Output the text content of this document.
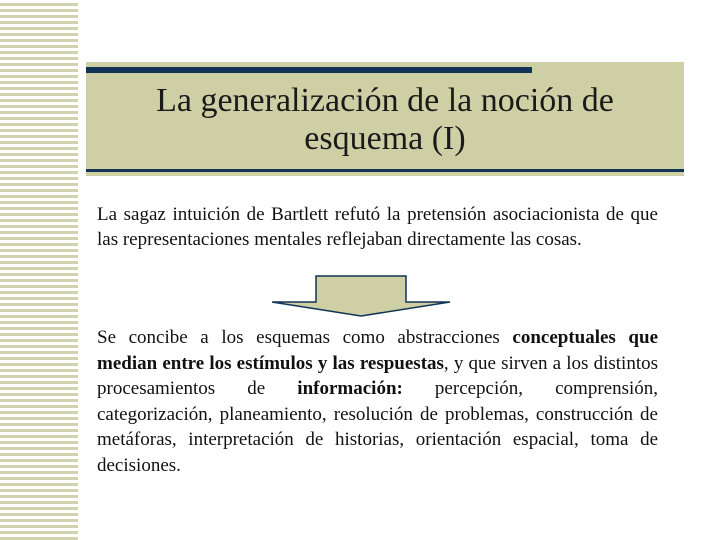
La generalización de la noción de
esquema (I)

La sagaz intuición de Bartlett refutó la pretensión asociacionista de que las representaciones mentales reflejaban directamente las cosas.

Se concibe a los esquemas como abstracciones conceptuales que median entre los estímulos y las respuestas, y que sirven a los distintos procesamientos de información: percepción, comprensión, categorización, planeamiento, resolución de problemas, construcción de metáforas, interpretación de historias, orientación espacial, toma de decisiones.
